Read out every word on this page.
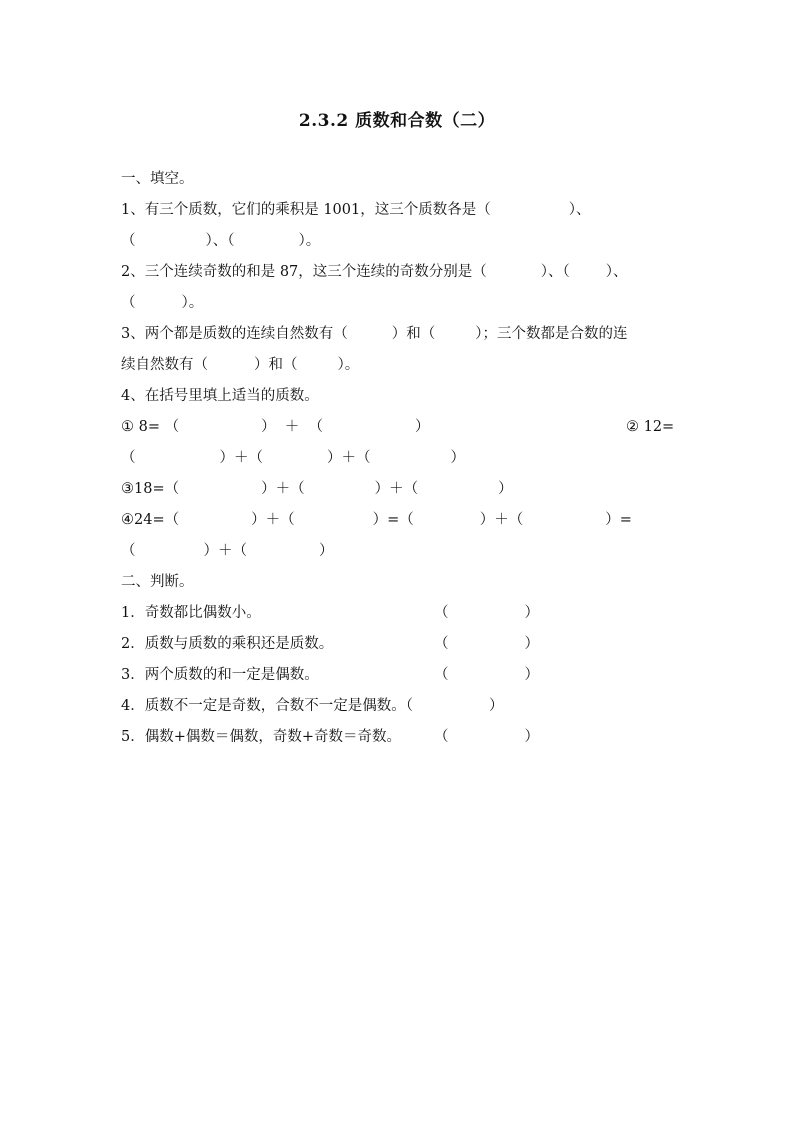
2.3.2 质数和合数（二）
一、填空。
1、有三个质数，它们的乘积是 1001，这三个质数各是（	）、
（	）、（	）。
2、三个连续奇数的和是 87，这三个连续的奇数分别是（	）、（ ）、
（	）。
3、两个都是质数的连续自然数有（	）和（	）；三个数都是合数的连
续自然数有（	）和（	）。
4、在括号里填上适当的质数。
① 8= （	）  ＋  （	）	② 12=
（	）＋（	）＋（	）
③18=（	）＋（	）＋（	）
④24=（	）＋（	）=（	）＋（	）=
（	）＋（	）
二、判断。
1．奇数都比偶数小。	（	）
2．质数与质数的乘积还是质数。	（	）
3．两个质数的和一定是偶数。	（	）
4．质数不一定是奇数，合数不一定是偶数。（	）
5．偶数+偶数＝偶数，奇数+奇数＝奇数。 （	）
